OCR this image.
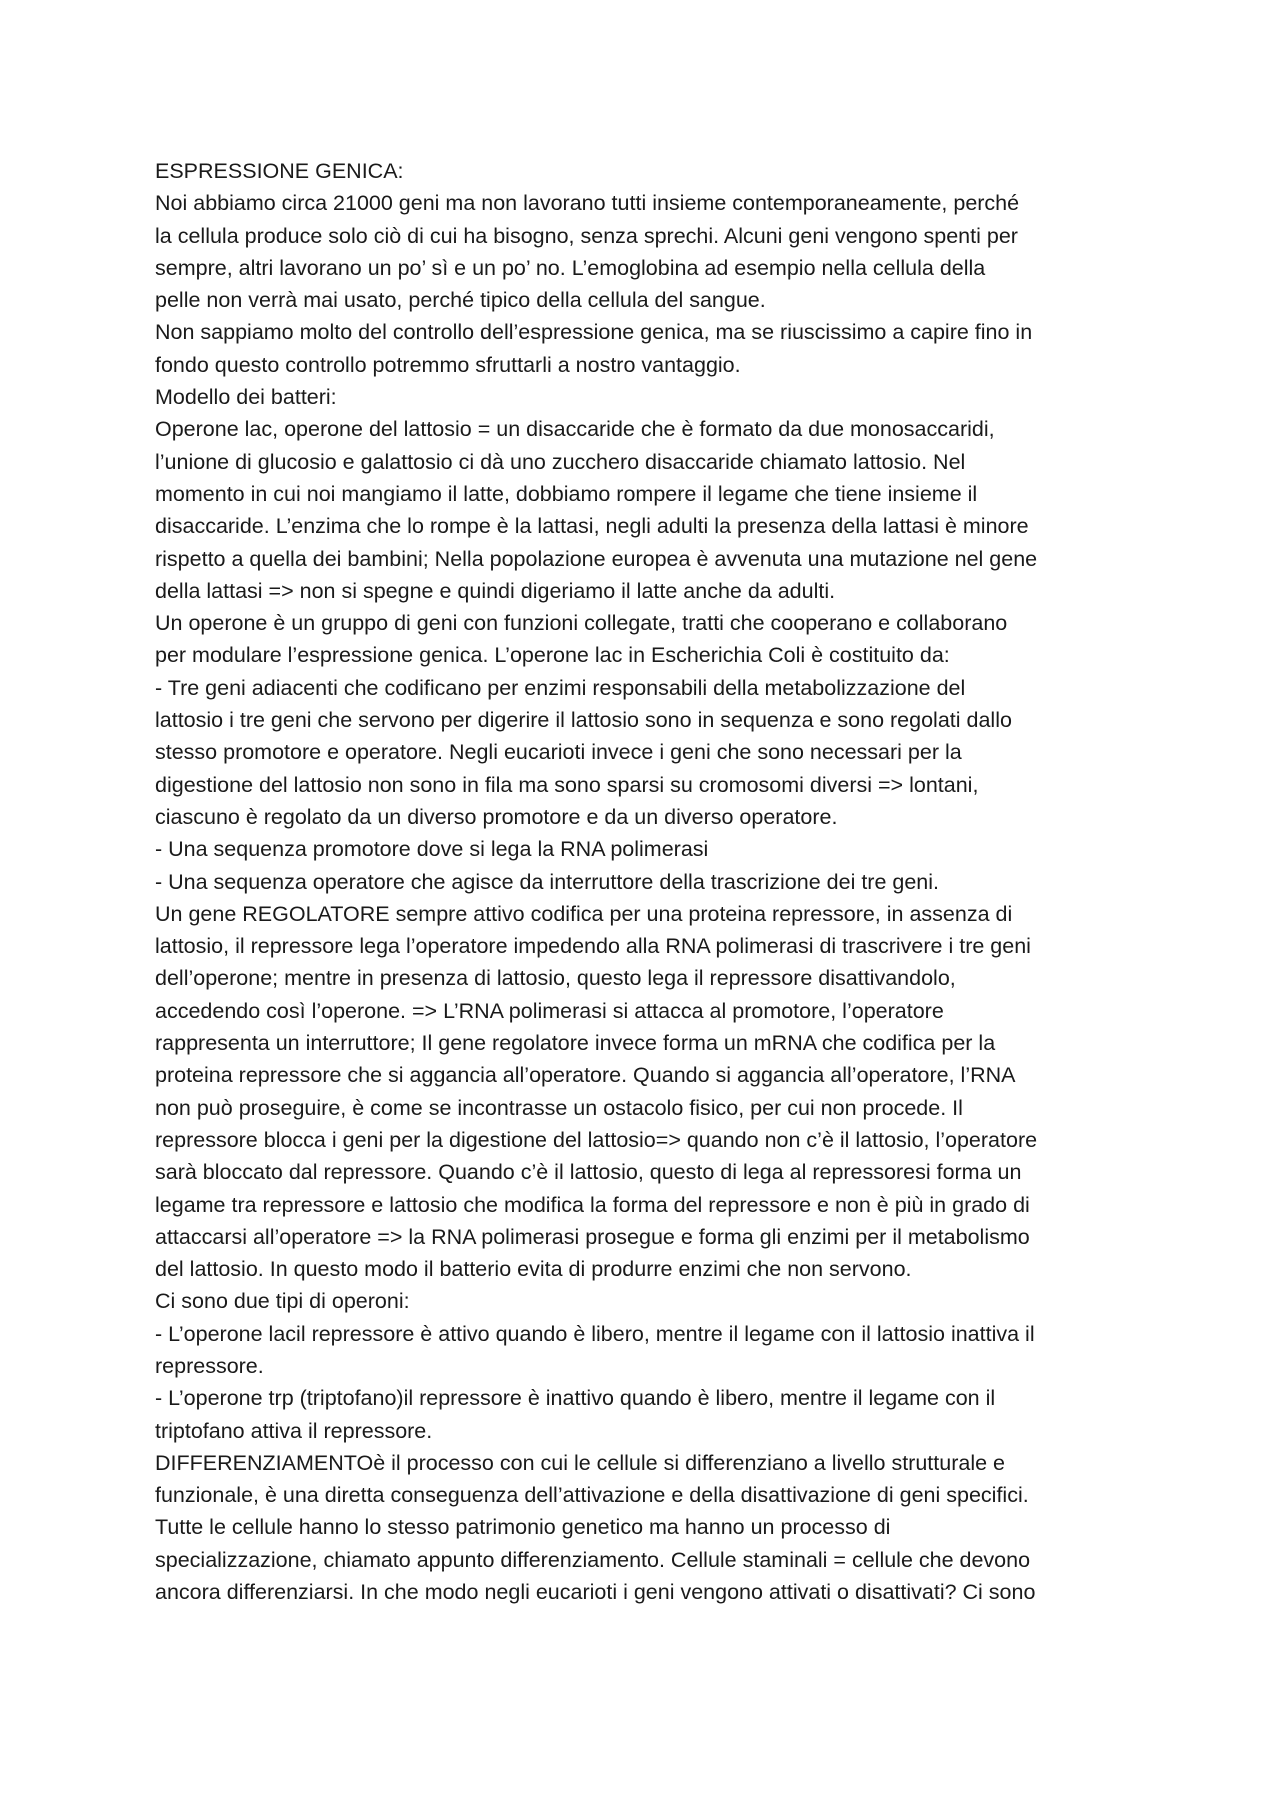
ESPRESSIONE GENICA:
Noi abbiamo circa 21000 geni ma non lavorano tutti insieme contemporaneamente, perché
la cellula produce solo ciò di cui ha bisogno, senza sprechi. Alcuni geni vengono spenti per
sempre, altri lavorano un po’ sì e un po’ no. L’emoglobina ad esempio nella cellula della
pelle non verrà mai usato, perché tipico della cellula del sangue.
Non sappiamo molto del controllo dell’espressione genica, ma se riuscissimo a capire fino in
fondo questo controllo potremmo sfruttarli a nostro vantaggio.
Modello dei batteri:
Operone lac, operone del lattosio = un disaccaride che è formato da due monosaccaridi,
l’unione di glucosio e galattosio ci dà uno zucchero disaccaride chiamato lattosio. Nel
momento in cui noi mangiamo il latte, dobbiamo rompere il legame che tiene insieme il
disaccaride. L’enzima che lo rompe è la lattasi, negli adulti la presenza della lattasi è minore
rispetto a quella dei bambini; Nella popolazione europea è avvenuta una mutazione nel gene
della lattasi => non si spegne e quindi digeriamo il latte anche da adulti.
Un operone è un gruppo di geni con funzioni collegate, tratti che cooperano e collaborano
per modulare l’espressione genica. L’operone lac in Escherichia Coli è costituito da:
- Tre geni adiacenti che codificano per enzimi responsabili della metabolizzazione del
lattosio i tre geni che servono per digerire il lattosio sono in sequenza e sono regolati dallo
stesso promotore e operatore. Negli eucarioti invece i geni che sono necessari per la
digestione del lattosio non sono in fila ma sono sparsi su cromosomi diversi => lontani,
ciascuno è regolato da un diverso promotore e da un diverso operatore.
- Una sequenza promotore dove si lega la RNA polimerasi
- Una sequenza operatore che agisce da interruttore della trascrizione dei tre geni.
Un gene REGOLATORE sempre attivo codifica per una proteina repressore, in assenza di
lattosio, il repressore lega l’operatore impedendo alla RNA polimerasi di trascrivere i tre geni
dell’operone; mentre in presenza di lattosio, questo lega il repressore disattivandolo,
accedendo così l’operone. => L’RNA polimerasi si attacca al promotore, l’operatore
rappresenta un interruttore; Il gene regolatore invece forma un mRNA che codifica per la
proteina repressore che si aggancia all’operatore. Quando si aggancia all’operatore, l’RNA
non può proseguire, è come se incontrasse un ostacolo fisico, per cui non procede. Il
repressore blocca i geni per la digestione del lattosio=> quando non c’è il lattosio, l’operatore
sarà bloccato dal repressore. Quando c’è il lattosio, questo di lega al repressoresi forma un
legame tra repressore e lattosio che modifica la forma del repressore e non è più in grado di
attaccarsi all’operatore => la RNA polimerasi prosegue e forma gli enzimi per il metabolismo
del lattosio. In questo modo il batterio evita di produrre enzimi che non servono.
Ci sono due tipi di operoni:
- L’operone lacil repressore è attivo quando è libero, mentre il legame con il lattosio inattiva il
repressore.
- L’operone trp (triptofano)il repressore è inattivo quando è libero, mentre il legame con il
triptofano attiva il repressore.
DIFFERENZIAMENTOè il processo con cui le cellule si differenziano a livello strutturale e
funzionale, è una diretta conseguenza dell’attivazione e della disattivazione di geni specifici.
Tutte le cellule hanno lo stesso patrimonio genetico ma hanno un processo di
specializzazione, chiamato appunto differenziamento. Cellule staminali = cellule che devono
ancora differenziarsi. In che modo negli eucarioti i geni vengono attivati o disattivati? Ci sono
